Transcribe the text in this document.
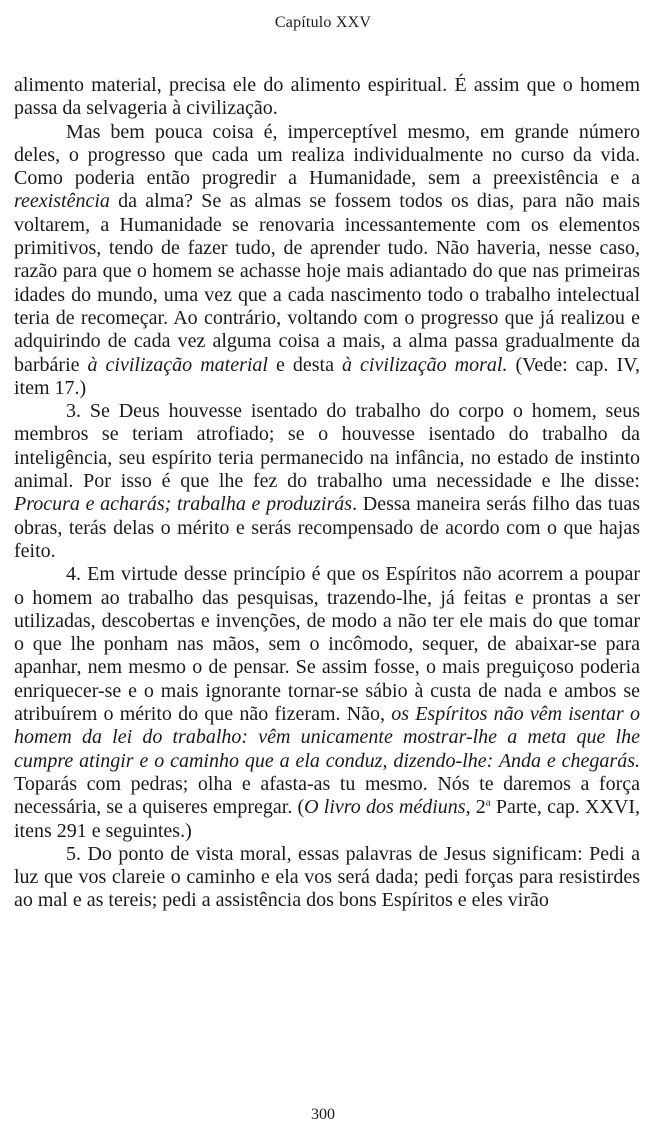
Capítulo XXV

alimento material, precisa ele do alimento espiritual. É assim que o homem passa da selvageria à civilização.

Mas bem pouca coisa é, imperceptível mesmo, em grande número deles, o progresso que cada um realiza individualmente no curso da vida. Como poderia então progredir a Humanidade, sem a preexistência e a reexistência da alma? Se as almas se fossem todos os dias, para não mais voltarem, a Humanidade se renovaria incessantemente com os elementos primitivos, tendo de fazer tudo, de aprender tudo. Não haveria, nesse caso, razão para que o homem se achasse hoje mais adiantado do que nas primeiras idades do mundo, uma vez que a cada nascimento todo o trabalho intelectual teria de recomeçar. Ao contrário, voltando com o progresso que já realizou e adquirindo de cada vez alguma coisa a mais, a alma passa gradualmente da barbárie à civilização material e desta à civilização moral. (Vede: cap. IV, item 17.)

3. Se Deus houvesse isentado do trabalho do corpo o homem, seus membros se teriam atrofiado; se o houvesse isentado do trabalho da inteligência, seu espírito teria permanecido na infância, no estado de instinto animal. Por isso é que lhe fez do trabalho uma necessidade e lhe disse: Procura e acharás; trabalha e produzirás. Dessa maneira serás filho das tuas obras, terás delas o mérito e serás recompensado de acordo com o que hajas feito.

4. Em virtude desse princípio é que os Espíritos não acorrem a poupar o homem ao trabalho das pesquisas, trazendo-lhe, já feitas e prontas a ser utilizadas, descobertas e invenções, de modo a não ter ele mais do que tomar o que lhe ponham nas mãos, sem o incômodo, sequer, de abaixar-se para apanhar, nem mesmo o de pensar. Se assim fosse, o mais preguiçoso poderia enriquecer-se e o mais ignorante tornar-se sábio à custa de nada e ambos se atribuírem o mérito do que não fizeram. Não, os Espíritos não vêm isentar o homem da lei do trabalho: vêm unicamente mostrar-lhe a meta que lhe cumpre atingir e o caminho que a ela conduz, dizendo-lhe: Anda e chegarás. Toparás com pedras; olha e afasta-as tu mesmo. Nós te daremos a força necessária, se a quiseres empregar. (O livro dos médiuns, 2$^a$ Parte, cap. XXVI, itens 291 e seguintes.)

5. Do ponto de vista moral, essas palavras de Jesus significam: Pedi a luz que vos clareie o caminho e ela vos será dada; pedi forças para resistirdes ao mal e as tereis; pedi a assistência dos bons Espíritos e eles virão

300
